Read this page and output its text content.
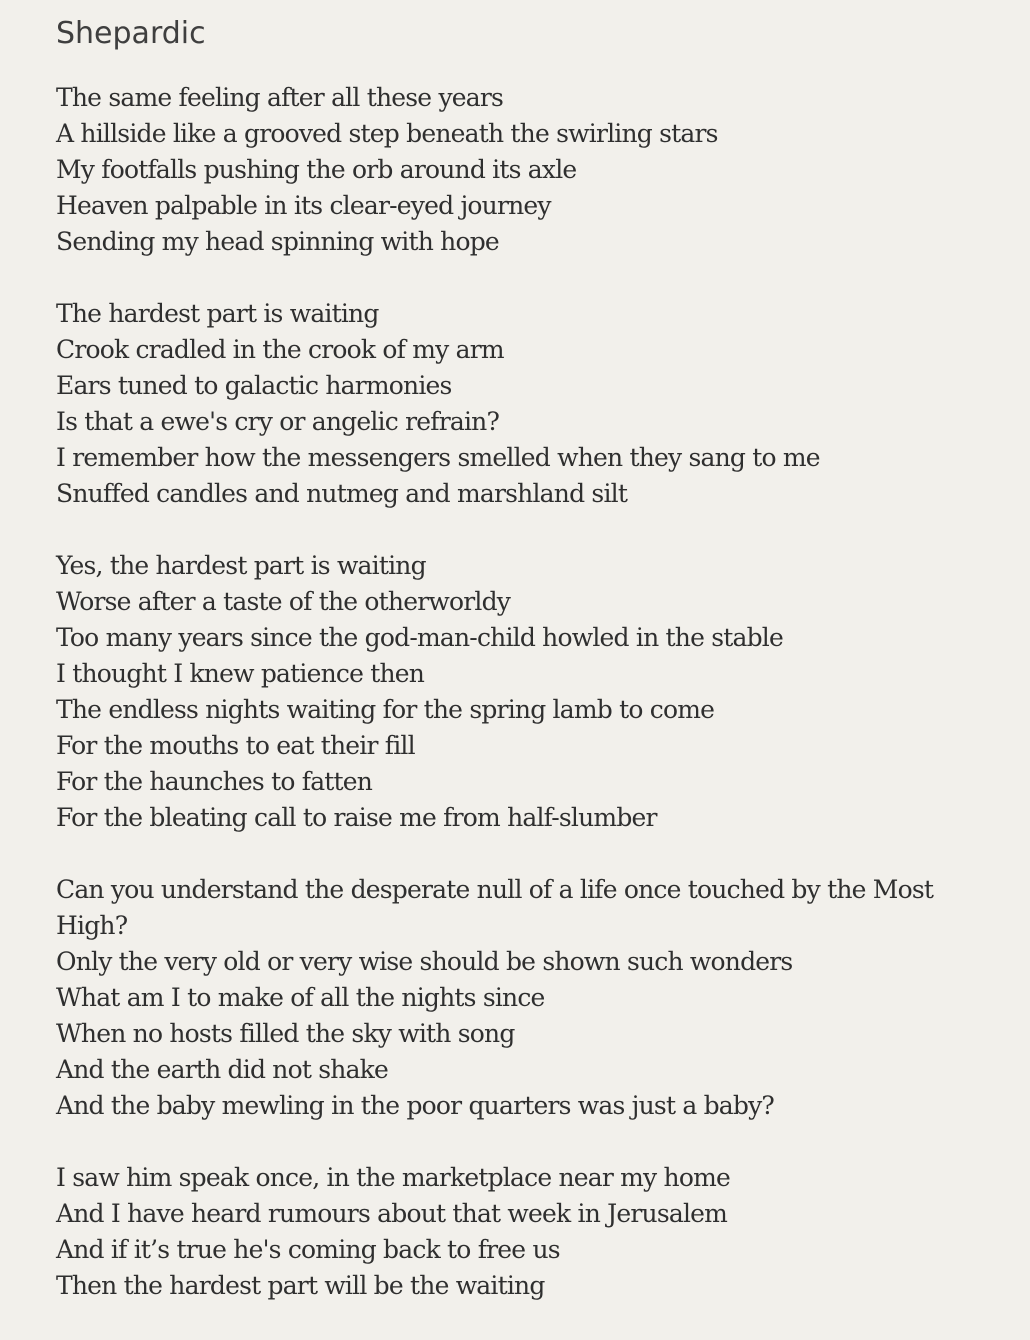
Shepardic
The same feeling after all these years
A hillside like a grooved step beneath the swirling stars
My footfalls pushing the orb around its axle
Heaven palpable in its clear-eyed journey
Sending my head spinning with hope
The hardest part is waiting
Crook cradled in the crook of my arm
Ears tuned to galactic harmonies
Is that a ewe's cry or angelic refrain?
I remember how the messengers smelled when they sang to me
Snuffed candles and nutmeg and marshland silt
Yes, the hardest part is waiting
Worse after a taste of the otherworldy
Too many years since the god-man-child howled in the stable
I thought I knew patience then
The endless nights waiting for the spring lamb to come
For the mouths to eat their fill
For the haunches to fatten
For the bleating call to raise me from half-slumber
Can you understand the desperate null of a life once touched by the Most
High?
Only the very old or very wise should be shown such wonders
What am I to make of all the nights since
When no hosts filled the sky with song
And the earth did not shake
And the baby mewling in the poor quarters was just a baby?
I saw him speak once, in the marketplace near my home
And I have heard rumours about that week in Jerusalem
And if it’s true he's coming back to free us
Then the hardest part will be the waiting
